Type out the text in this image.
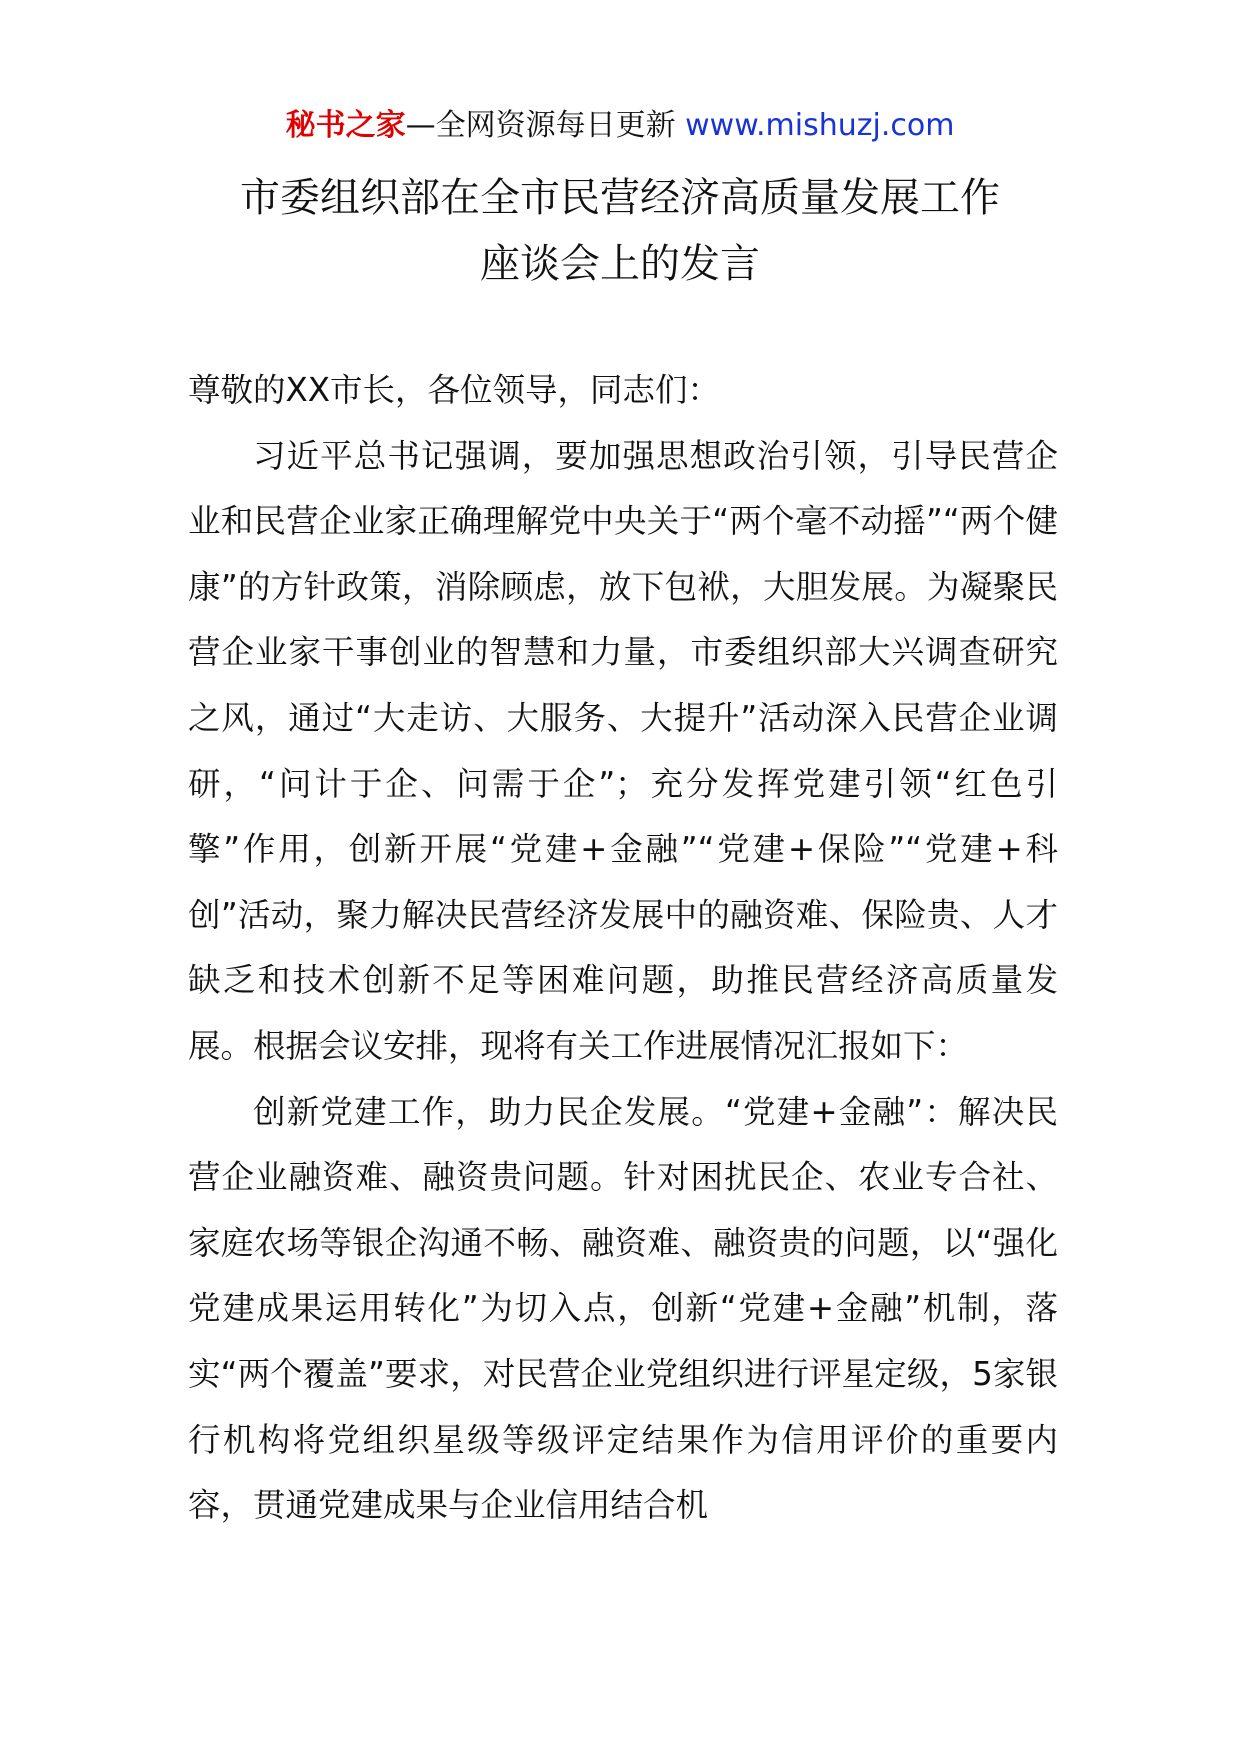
秘书之家—全网资源每日更新 www.mishuzj.com
市委组织部在全市民营经济高质量发展工作
座谈会上的发言

尊敬的XX市长，各位领导，同志们：

习近平总书记强调，要加强思想政治引领，引导民营企业和民营企业家正确理解党中央关于“两个毫不动摇”“两个健康”的方针政策，消除顾虑，放下包袱，大胆发展。为凝聚民营企业家干事创业的智慧和力量，市委组织部大兴调查研究之风，通过“大走访、大服务、大提升”活动深入民营企业调研，“问计于企、问需于企”；充分发挥党建引领“红色引擎”作用，创新开展“党建+金融”“党建+保险”“党建+科创”活动，聚力解决民营经济发展中的融资难、保险贵、人才缺乏和技术创新不足等困难问题，助推民营经济高质量发展。根据会议安排，现将有关工作进展情况汇报如下：

创新党建工作，助力民企发展。“党建+金融”：解决民营企业融资难、融资贵问题。针对困扰民企、农业专合社、家庭农场等银企沟通不畅、融资难、融资贵的问题，以“强化党建成果运用转化”为切入点，创新“党建+金融”机制，落实“两个覆盖”要求，对民营企业党组织进行评星定级，5家银行机构将党组织星级等级评定结果作为信用评价的重要内容，贯通党建成果与企业信用结合机
